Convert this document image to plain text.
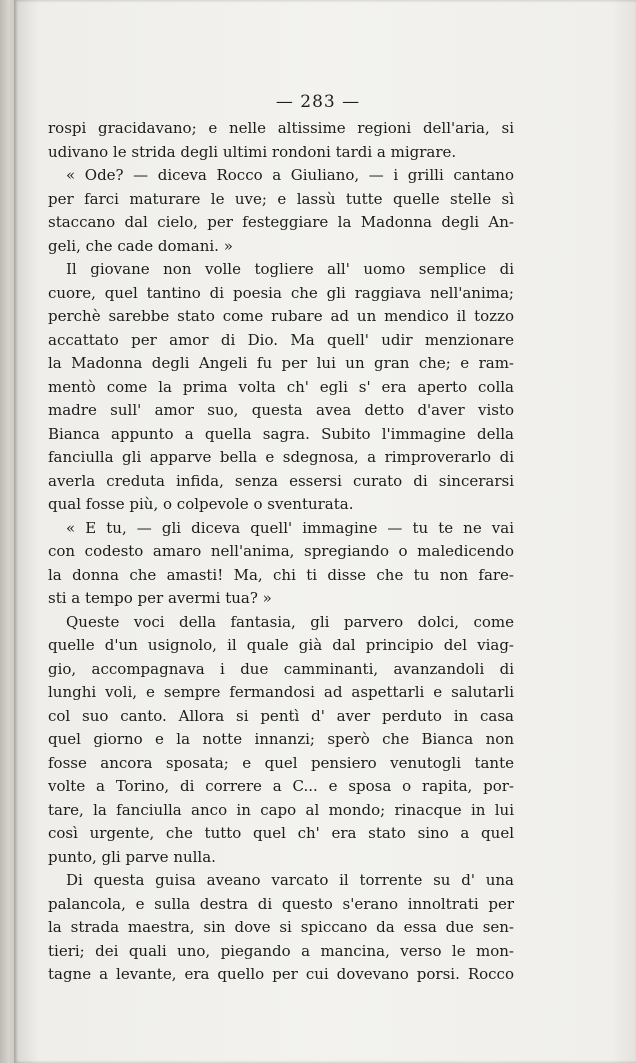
— 283 —
rospi gracidavano; e nelle altissime regioni dell'aria, si
udivano le strida degli ultimi rondoni tardi a migrare.
« Ode? — diceva Rocco a Giuliano, — i grilli cantano
per farci maturare le uve; e lassù tutte quelle stelle sì
staccano dal cielo, per festeggiare la Madonna degli An-
geli, che cade domani. »
Il giovane non volle togliere all' uomo semplice di
cuore, quel tantino di poesia che gli raggiava nell'anima;
perchè sarebbe stato come rubare ad un mendico il tozzo
accattato per amor di Dio. Ma quell' udir menzionare
la Madonna degli Angeli fu per lui un gran che; e ram-
mentò come la prima volta ch' egli s' era aperto colla
madre sull' amor suo, questa avea detto d'aver visto
Bianca appunto a quella sagra. Subito l'immagine della
fanciulla gli apparve bella e sdegnosa, a rimproverarlo di
averla creduta infida, senza essersi curato di sincerarsi
qual fosse più, o colpevole o sventurata.
« E tu, — gli diceva quell' immagine — tu te ne vai
con codesto amaro nell'anima, spregiando o maledicendo
la donna che amasti! Ma, chi ti disse che tu non fare-
sti a tempo per avermi tua? »
Queste voci della fantasia, gli parvero dolci, come
quelle d'un usignolo, il quale già dal principio del viag-
gio, accompagnava i due camminanti, avanzandoli di
lunghi voli, e sempre fermandosi ad aspettarli e salutarli
col suo canto. Allora si pentì d' aver perduto in casa
quel giorno e la notte innanzi; sperò che Bianca non
fosse ancora sposata; e quel pensiero venutogli tante
volte a Torino, di correre a C... e sposa o rapita, por-
tare, la fanciulla anco in capo al mondo; rinacque in lui
così urgente, che tutto quel ch' era stato sino a quel
punto, gli parve nulla.
Di questa guisa aveano varcato il torrente su d' una
palancola, e sulla destra di questo s'erano innoltrati per
la strada maestra, sin dove si spiccano da essa due sen-
tieri; dei quali uno, piegando a mancina, verso le mon-
tagne a levante, era quello per cui dovevano porsi. Rocco
